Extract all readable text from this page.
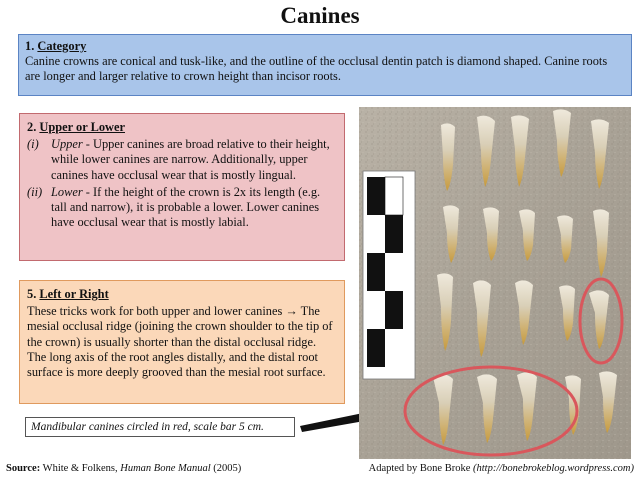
Canines
1. Category
Canine crowns are conical and tusk-like, and the outline of the occlusal dentin patch is diamond shaped. Canine roots are longer and larger relative to crown height than incisor roots.
2. Upper or Lower
(i) Upper - Upper canines are broad relative to their height, while lower canines are narrow. Additionally, upper canines have occlusal wear that is mostly lingual.
(ii) Lower - If the height of the crown is 2x its length (e.g. tall and narrow), it is probable a lower. Lower canines have occlusal wear that is mostly labial.
5. Left or Right
These tricks work for both upper and lower canines → The mesial occlusal ridge (joining the crown shoulder to the tip of the crown) is usually shorter than the distal occlusal ridge. The long axis of the root angles distally, and the distal root surface is more deeply grooved than the mesial root surface.
Mandibular canines circled in red, scale bar 5 cm.
Source: White & Folkens, Human Bone Manual (2005)	Adapted by Bone Broke (http://bonebrokeblog.wordpress.com)
